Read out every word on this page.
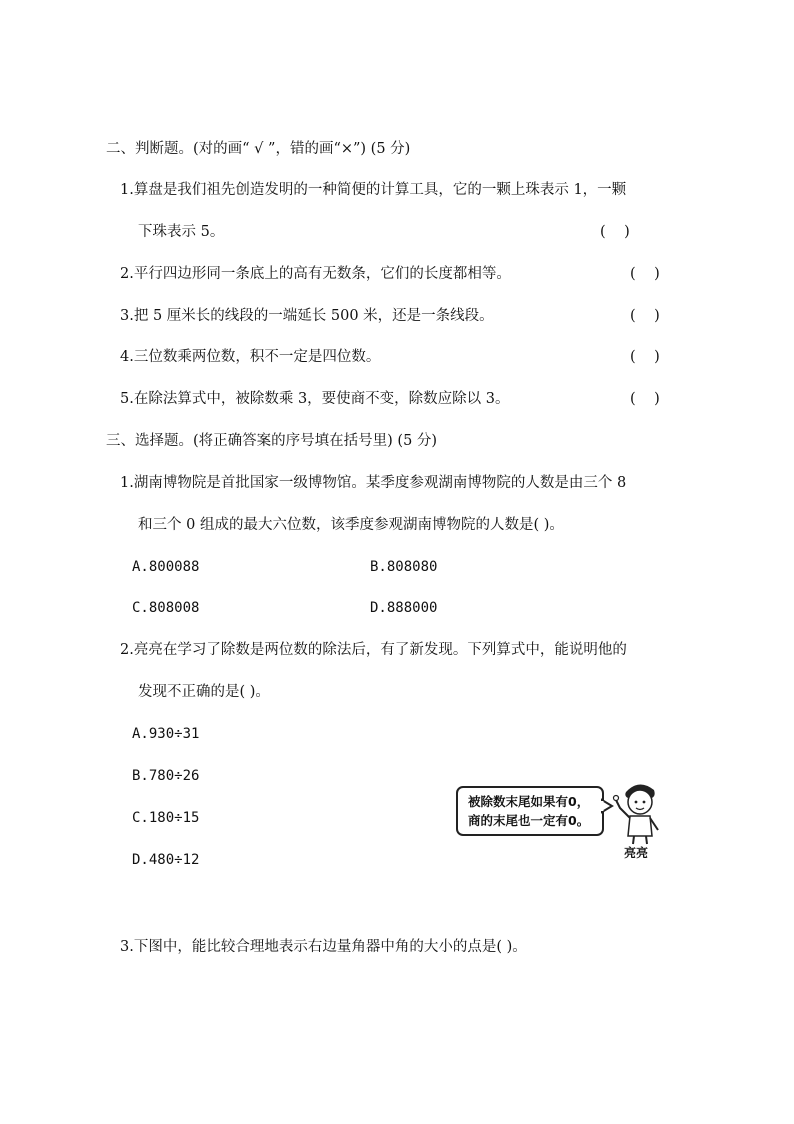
二、判断题。(对的画“ √ ”，错的画“×”) (5 分)
1.算盘是我们祖先创造发明的一种简便的计算工具，它的一颗上珠表示 1，一颗
下珠表示 5。	(    )
2.平行四边形同一条底上的高有无数条，它们的长度都相等。	(    )
3.把 5 厘米长的线段的一端延长 500 米，还是一条线段。	(    )
4.三位数乘两位数，积不一定是四位数。	(    )
5.在除法算式中，被除数乘 3，要使商不变，除数应除以 3。	(    )
三、选择题。(将正确答案的序号填在括号里) (5 分)
1.湖南博物院是首批国家一级博物馆。某季度参观湖南博物院的人数是由三个 8
和三个 0 组成的最大六位数，该季度参观湖南博物院的人数是( )。
A.800088	B.808080
C.808008	D.888000
2.亮亮在学习了除数是两位数的除法后，有了新发现。下列算式中，能说明他的
发现不正确的是( )。
A.930÷31
B.780÷26
C.180÷15
D.480÷12
被除数末尾如果有0，
商的末尾也一定有0。
亮亮
3.下图中，能比较合理地表示右边量角器中角的大小的点是( )。
